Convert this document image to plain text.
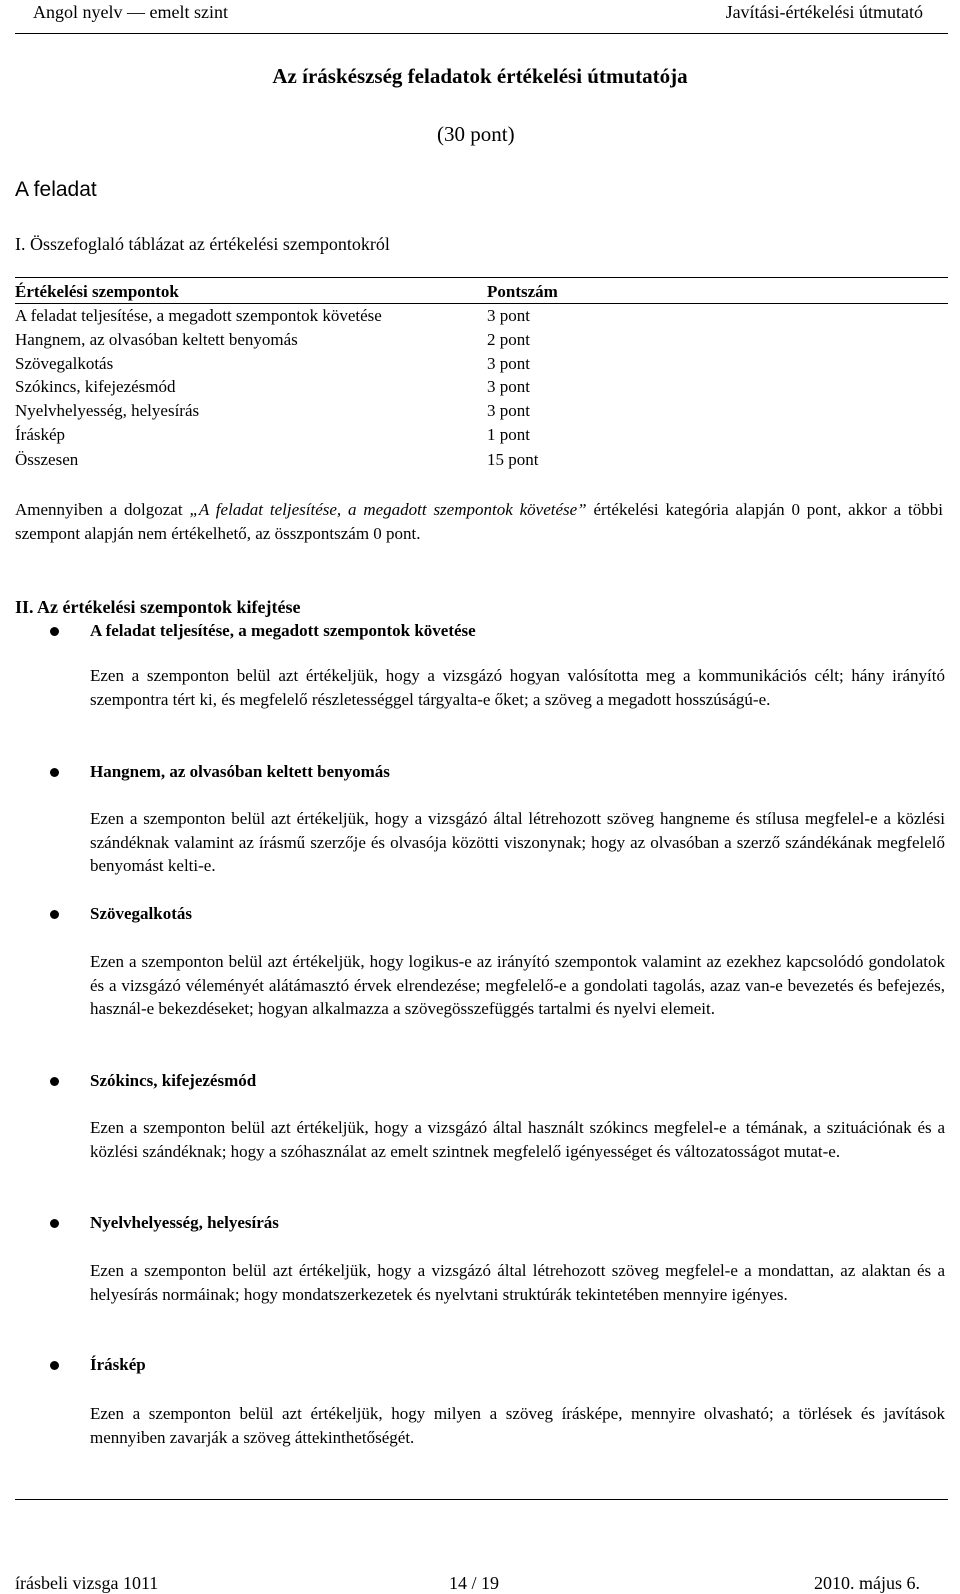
Angol nyelv — emelt szint	Javítási-értékelési útmutató
Az íráskészség feladatok értékelési útmutatója
(30 pont)
A feladat
I. Összefoglaló táblázat az értékelési szempontokról
Értékelési szempontok	Pontszám
A feladat teljesítése, a megadott szempontok követése	3 pont
Hangnem, az olvasóban keltett benyomás	2 pont
Szövegalkotás	3 pont
Szókincs, kifejezésmód	3 pont
Nyelvhelyesség, helyesírás	3 pont
Íráskép	1 pont
Összesen	15 pont
Amennyiben a dolgozat „A feladat teljesítése, a megadott szempontok követése” értékelési kategória alapján 0 pont, akkor a többi szempont alapján nem értékelhető, az összpontszám 0 pont.
II. Az értékelési szempontok kifejtése
A feladat teljesítése, a megadott szempontok követése
Ezen a szemponton belül azt értékeljük, hogy a vizsgázó hogyan valósította meg a kommunikációs célt; hány irányító szempontra tért ki, és megfelelő részletességgel tárgyalta-e őket; a szöveg a megadott hosszúságú-e.
Hangnem, az olvasóban keltett benyomás
Ezen a szemponton belül azt értékeljük, hogy a vizsgázó által létrehozott szöveg hangneme és stílusa megfelel-e a közlési szándéknak valamint az írásmű szerzője és olvasója közötti viszonynak; hogy az olvasóban a szerző szándékának megfelelő benyomást kelti-e.
Szövegalkotás
Ezen a szemponton belül azt értékeljük, hogy logikus-e az irányító szempontok valamint az ezekhez kapcsolódó gondolatok és a vizsgázó véleményét alátámasztó érvek elrendezése; megfelelő-e a gondolati tagolás, azaz van-e bevezetés és befejezés, használ-e bekezdéseket; hogyan alkalmazza a szövegösszefüggés tartalmi és nyelvi elemeit.
Szókincs, kifejezésmód
Ezen a szemponton belül azt értékeljük, hogy a vizsgázó által használt szókincs megfelel-e a témának, a szituációnak és a közlési szándéknak; hogy a szóhasználat az emelt szintnek megfelelő igényességet és változatosságot mutat-e.
Nyelvhelyesség, helyesírás
Ezen a szemponton belül azt értékeljük, hogy a vizsgázó által létrehozott szöveg megfelel-e a mondattan, az alaktan és a helyesírás normáinak; hogy mondatszerkezetek és nyelvtani struktúrák tekintetében mennyire igényes.
Íráskép
Ezen a szemponton belül azt értékeljük, hogy milyen a szöveg írásképe, mennyire olvasható; a törlések és javítások mennyiben zavarják a szöveg áttekinthetőségét.
írásbeli vizsga 1011	14 / 19	2010. május 6.
